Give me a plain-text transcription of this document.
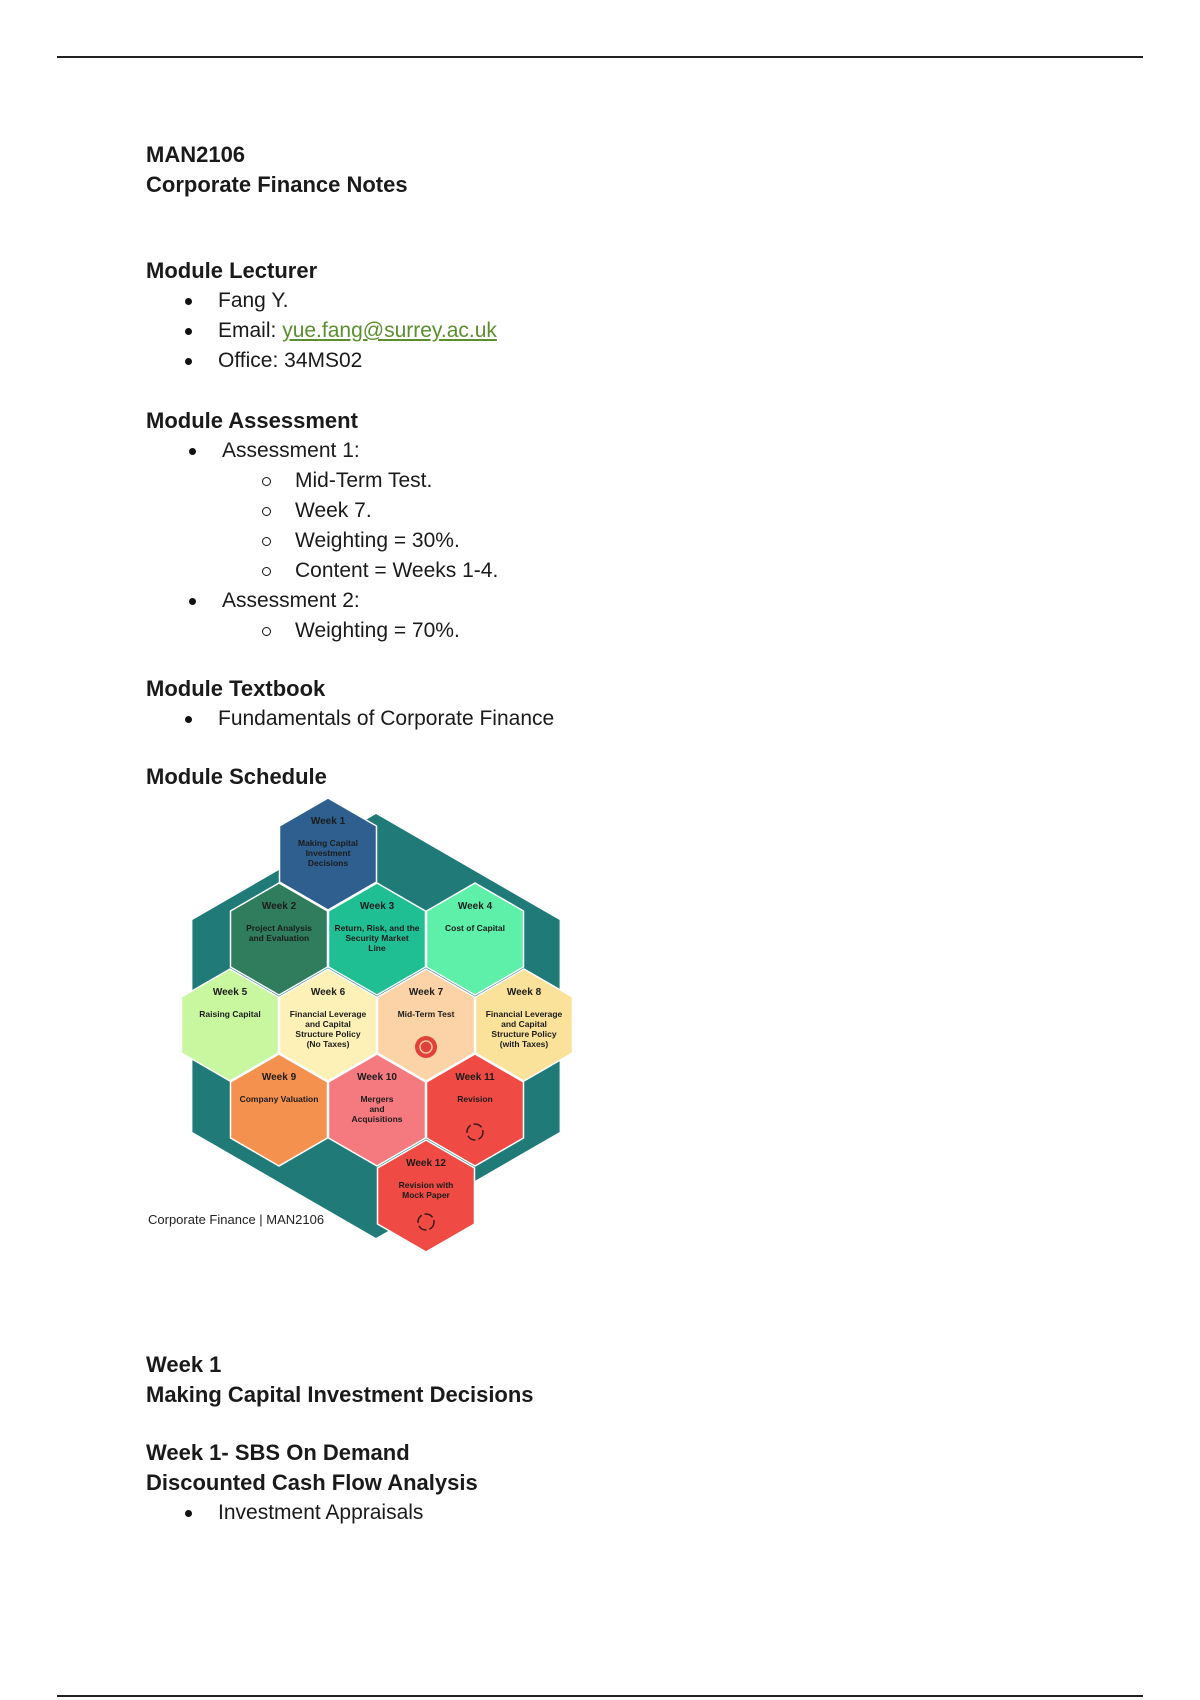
MAN2106

Corporate Finance Notes

Module Lecturer

Fang Y.
Email: yue.fang@surrey.ac.uk
Office: 34MS02

Module Assessment

Assessment 1:
Mid-Term Test.
Week 7.
Weighting = 30%.
Content = Weeks 1-4.
Assessment 2:
Weighting = 70%.

Module Textbook

Fundamentals of Corporate Finance

Module Schedule

Week 1
Making Capital
Investment
Decisions
Week 2
Project Analysis
and Evaluation
Week 3
Return, Risk, and the
Security Market
Line
Week 4
Cost of Capital
Week 5
Raising Capital
Week 6
Financial Leverage
and Capital
Structure Policy
(No Taxes)
Week 7
Mid-Term Test
Week 8
Financial Leverage
and Capital
Structure Policy
(with Taxes)
Week 9
Company Valuation
Week 10
Mergers
and
Acquisitions
Week 11
Revision
Week 12
Revision with
Mock Paper
Corporate Finance | MAN2106

Week 1

Making Capital Investment Decisions

Week 1- SBS On Demand

Discounted Cash Flow Analysis

Investment Appraisals
